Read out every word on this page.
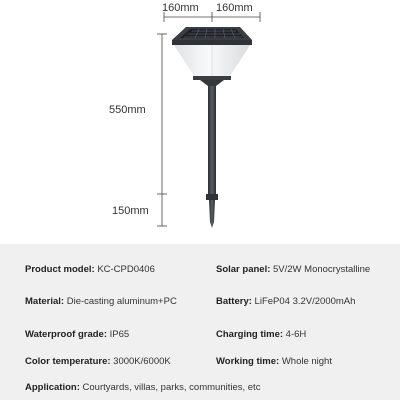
160mm 160mm
550mm
150mm
Product model: KC-CPD0406	Solar panel: 5V/2W Monocrystalline
Material: Die-casting aluminum+PC	Battery: LiFeP04 3.2V/2000mAh
Waterproof grade: IP65	Charging time: 4-6H
Color temperature: 3000K/6000K	Working time: Whole night
Application: Courtyards, villas, parks, communities, etc
